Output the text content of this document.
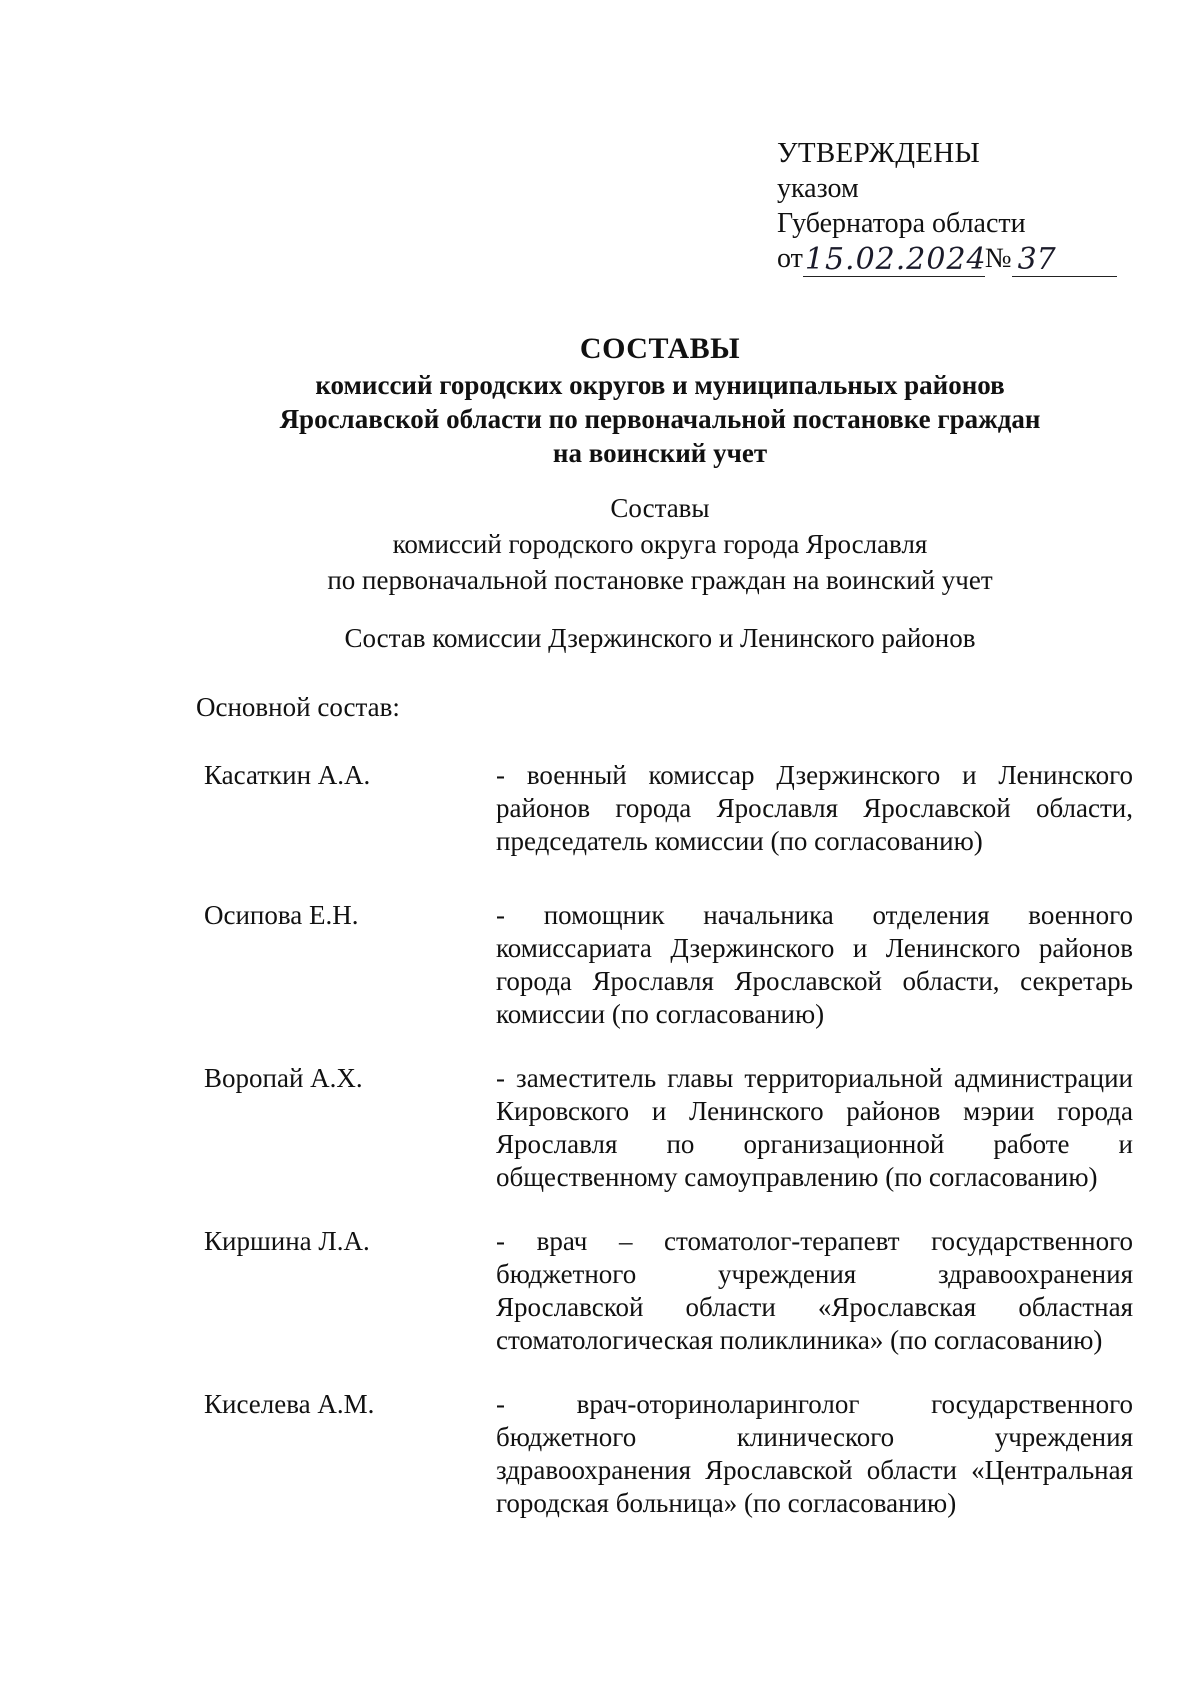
УТВЕРЖДЕНЫ
указом
Губернатора области
от15.02.2024№ 37
СОСТАВЫ
комиссий городских округов и муниципальных районов
Ярославской области по первоначальной постановке граждан
на воинский учет
Составы
комиссий городского округа города Ярославля
по первоначальной постановке граждан на воинский учет
Состав комиссии Дзержинского и Ленинского районов
Основной состав:
Касаткин А.А.	- военный комиссар Дзержинского и Ленинского районов города Ярославля Ярославской области, председатель комиссии (по согласованию)
Осипова Е.Н.	- помощник начальника отделения военного комиссариата Дзержинского и Ленинского районов города Ярославля Ярославской области, секретарь комиссии (по согласованию)
Воропай А.Х.	- заместитель главы территориальной администрации Кировского и Ленинского районов мэрии города Ярославля по организационной работе и общественному самоуправлению (по согласованию)
Киршина Л.А.	- врач – стоматолог-терапевт государственного бюджетного учреждения здравоохранения Ярославской области «Ярославская областная стоматологическая поликлиника» (по согласованию)
Киселева А.М.	- врач-оториноларинголог государственного бюджетного клинического учреждения здравоохранения Ярославской области «Центральная городская больница» (по согласованию)
